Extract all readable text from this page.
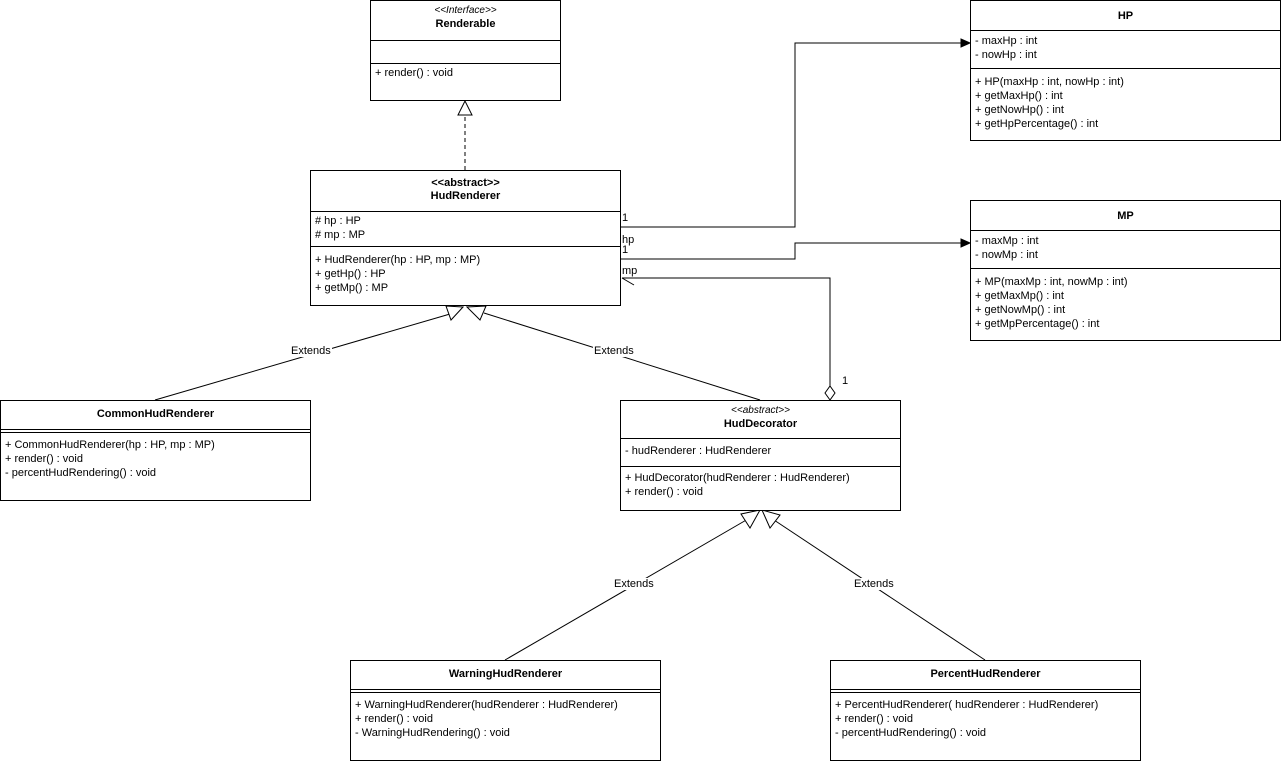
Extends	Extends
Extends	Extends
1
hp
1
mp
1
<<Interface>>
Renderable
+ render() : void
<<abstract>>
HudRenderer
# hp : HP
# mp : MP
+ HudRenderer(hp : HP, mp : MP)
+ getHp() : HP
+ getMp() : MP
HP
- maxHp : int
- nowHp : int
+ HP(maxHp : int, nowHp : int)
+ getMaxHp() : int
+ getNowHp() : int
+ getHpPercentage() : int
MP
- maxMp : int
- nowMp : int
+ MP(maxMp : int, nowMp : int)
+ getMaxMp() : int
+ getNowMp() : int
+ getMpPercentage() : int
CommonHudRenderer
+ CommonHudRenderer(hp : HP, mp : MP)
+ render() : void
- percentHudRendering() : void
<<abstract>>
HudDecorator
- hudRenderer : HudRenderer
+ HudDecorator(hudRenderer : HudRenderer)
+ render() : void
WarningHudRenderer
+ WarningHudRenderer(hudRenderer : HudRenderer)
+ render() : void
- WarningHudRendering() : void
PercentHudRenderer
+ PercentHudRenderer( hudRenderer : HudRenderer)
+ render() : void
- percentHudRendering() : void
